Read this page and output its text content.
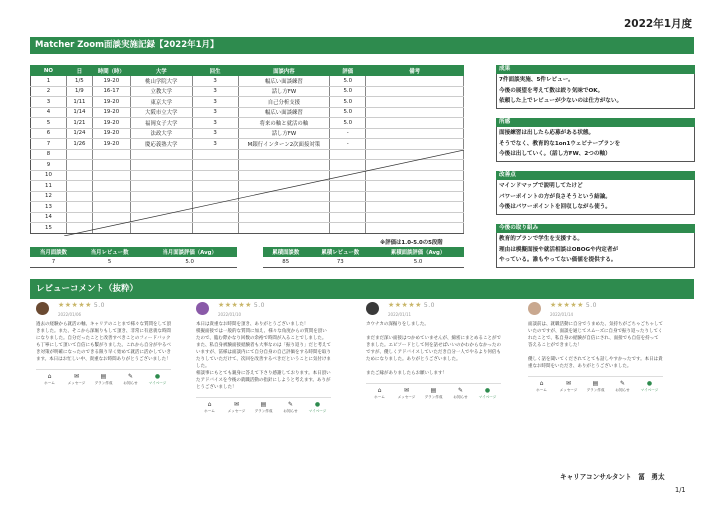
2022年1月度
Matcher Zoom面談実施記録【2022年1月】
NO	日	時間（時）	大学	回生	面談内容	評価	備考
1	1/5	19-20	桃山学院大学	3	幅広い面談練習	5.0	
2	1/9	16-17	立教大学	3	話し方FW	5.0	
3	1/11	19-20	東京大学	3	自己分析支援	5.0	
4	1/14	19-20	大阪市立大学	3	幅広い面談練習	5.0	
5	1/21	19-20	福岡女子大学	3	将来の軸と就活の軸	5.0	
6	1/24	19-20	法政大学	3	話し方FW	-	
7	1/26	19-20	慶応義塾大学	3	M銀行インターン2次面接対策	-	
8							
9							
10							
11							
12							
13							
14							
15							
※評価は1.0-5.0の5段階
当月面談数	当月レビュー数	当月面談評価（Avg）
7	5	5.0
累積面談数	累積レビュー数	累積面談評価（Avg）
85	73	5.0
成果
7件面談実施、5件レビュー。
今後の展望を考えて数は絞り気味でOK。
依頼した上でレビューが少ないのは仕方がない。
所感
面接練習は出したら応募がある状態。
そうでなく、教育的な1on1ウェビナープランを
今後は出していく。（話し方FW、2つの軸）
改善点
マインドマップで説明してたけど
パワーポイントの方が良さそうという結論。
今後はパワーポイントを回収しながら使う。
今後の取り組み
教育的プランで学生を支援する。
理由は模擬面接や就活相談はOBOGや内定者が
やっている。誰もやってない価値を提供する。
レビューコメント（抜粋）
★★★★★ 5.0
2022/01/06
過去の経験から就活の軸、キャリアのことまで様々な質問をして頂きました。また、そこから深堀りもして頂き、非常に有意義な時間になりました。自分だったことと改善すべきことのフィードバックも丁寧にして頂いて自信にも繋がりました。これから自分がやるべき対策が明確になったのできる限り早く始めて就活に活かしていきます。本日はお忙しい中、貴重なお時間ありがとうございました！
⌂
ホーム
✉
メッセージ
▤
プラン作成
✎
お知らせ
●
マイページ
★★★★★ 5.0
2022/01/10
本日は貴重なお時間を頂き、ありがとうございました！
模擬面接では一般的な質問に加え、様々な角度からの質問を頂いたので、臨む際かなり回数の余裕で時間が入ることでしました。
また、私自身被験面接経験者も大事なのは「振り返り」だと考えていますが、冨様は面談内にて自分自身の自己評価をする時間を取りたりしていただけて、次回を改善するべきだということに気付けました。
相談事にもとても親身に答えて下さり感謝しております。本日頂いたアドバイスを今後の就職活動の指針にしようと考えます。ありがとうございました！
⌂
ホーム
✉
メッセージ
▤
プラン作成
✎
お知らせ
●
マイページ
★★★★★ 5.0
2022/01/11
カウナカの深掘りをしました。

まだまだ深い面接はつかめていませんが、綿密にまとめることができました。エピソードとして何を話せばいいのかわからなかったのですが、優しくアドバイスしていただき自分一人でやるより何倍もためになりました。ありがとうございました。

またご縁がありましたらお願いします！
⌂
ホーム
✉
メッセージ
▤
プラン作成
✎
お知らせ
●
マイページ
★★★★★ 5.0
2022/01/14
面談前は、就職活動に自分でうまめた、気持ちがごちゃごちゃしていたのですが、面談を通じてスムーズに自身で振り返ったりしてくれたことで、私自身の経験が自信にされ、面接でも自信を持って答えることができました！

優しく話を聞いてくだされてとても話しやすかったです。本日は貴重なお時間をいただき、ありがとうございました。
⌂
ホーム
✉
メッセージ
▤
プラン作成
✎
お知らせ
●
マイページ
キャリアコンサルタント　冨　勇太
1/1
